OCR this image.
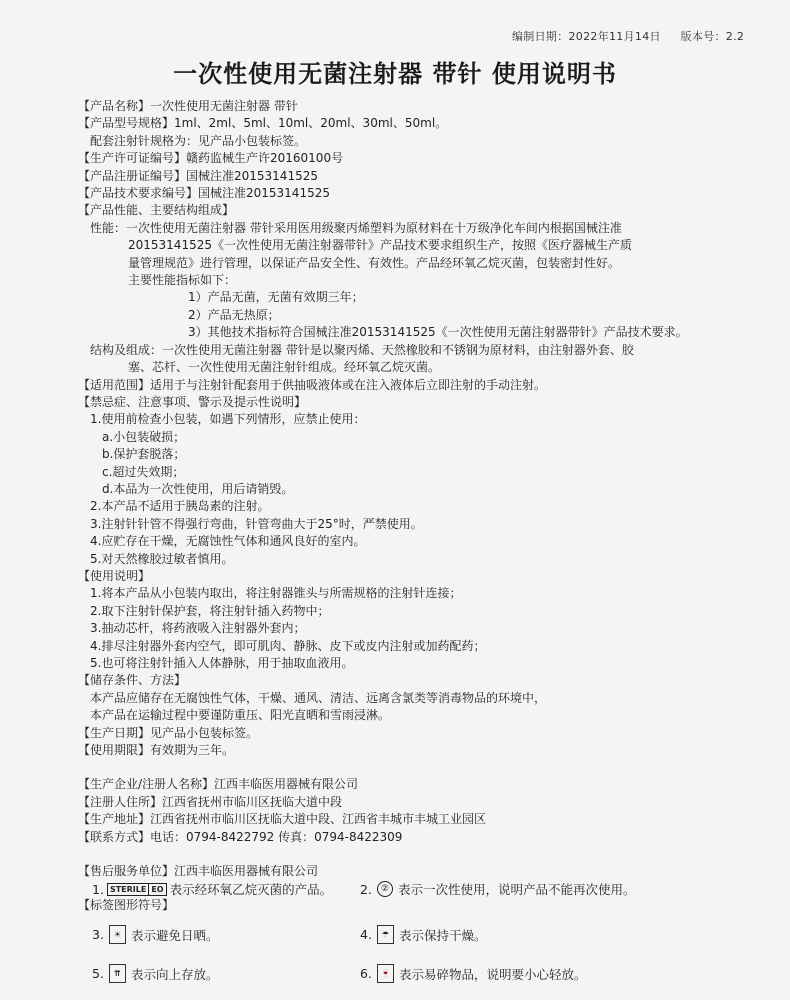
编制日期：2022年11月14日 版本号：2.2
一次性使用无菌注射器 带针 使用说明书
【产品名称】一次性使用无菌注射器 带针
【产品型号规格】1ml、2ml、5ml、10ml、20ml、30ml、50ml。
配套注射针规格为：见产品小包装标签。
【生产许可证编号】赣药监械生产许20160100号
【产品注册证编号】国械注准20153141525
【产品技术要求编号】国械注准20153141525
【产品性能、主要结构组成】
性能：一次性使用无菌注射器 带针采用医用级聚丙烯塑料为原材料在十万级净化车间内根据国械注准
20153141525《一次性使用无菌注射器带针》产品技术要求组织生产，按照《医疗器械生产质
量管理规范》进行管理，以保证产品安全性、有效性。产品经环氧乙烷灭菌，包装密封性好。
主要性能指标如下：
1）产品无菌，无菌有效期三年；
2）产品无热原；
3）其他技术指标符合国械注准20153141525《一次性使用无菌注射器带针》产品技术要求。
结构及组成：一次性使用无菌注射器 带针是以聚丙烯、天然橡胶和不锈钢为原材料，由注射器外套、胶
塞、芯杆、一次性使用无菌注射针组成。经环氧乙烷灭菌。
【适用范围】适用于与注射针配套用于供抽吸液体或在注入液体后立即注射的手动注射。
【禁忌症、注意事项、警示及提示性说明】
1.使用前检查小包装，如遇下列情形，应禁止使用：
a.小包装破损；
b.保护套脱落；
c.超过失效期；
d.本品为一次性使用，用后请销毁。
2.本产品不适用于胰岛素的注射。
3.注射针针管不得强行弯曲，针管弯曲大于25°时，严禁使用。
4.应贮存在干燥，无腐蚀性气体和通风良好的室内。
5.对天然橡胶过敏者慎用。
【使用说明】
1.将本产品从小包装内取出，将注射器锥头与所需规格的注射针连接；
2.取下注射针保护套，将注射针插入药物中；
3.抽动芯杆，将药液吸入注射器外套内；
4.排尽注射器外套内空气，即可肌肉、静脉、皮下或皮内注射或加药配药；
5.也可将注射针插入人体静脉，用于抽取血液用。
【储存条件、方法】
本产品应储存在无腐蚀性气体，干燥、通风、清洁、远离含氯类等消毒物品的环境中，
本产品在运输过程中要谨防重压、阳光直晒和雪雨浸淋。
【生产日期】见产品小包装标签。
【使用期限】有效期为三年。
【生产企业/注册人名称】江西丰临医用器械有限公司
【注册人住所】江西省抚州市临川区抚临大道中段
【生产地址】江西省抚州市临川区抚临大道中段、江西省丰城市丰城工业园区
【联系方式】电话：0794-8422792 传真：0794-8422309
【售后服务单位】江西丰临医用器械有限公司
【标签图形符号】
1. STERILE EO 表示经环氧乙烷灭菌的产品。 2. ② 表示一次性使用，说明产品不能再次使用。
3.	☀ 表示避免日晒。	4.	☂ 表示保持干燥。
5.	⇈ 表示向上存放。	6.	🍷 表示易碎物品，说明要小心轻放。
